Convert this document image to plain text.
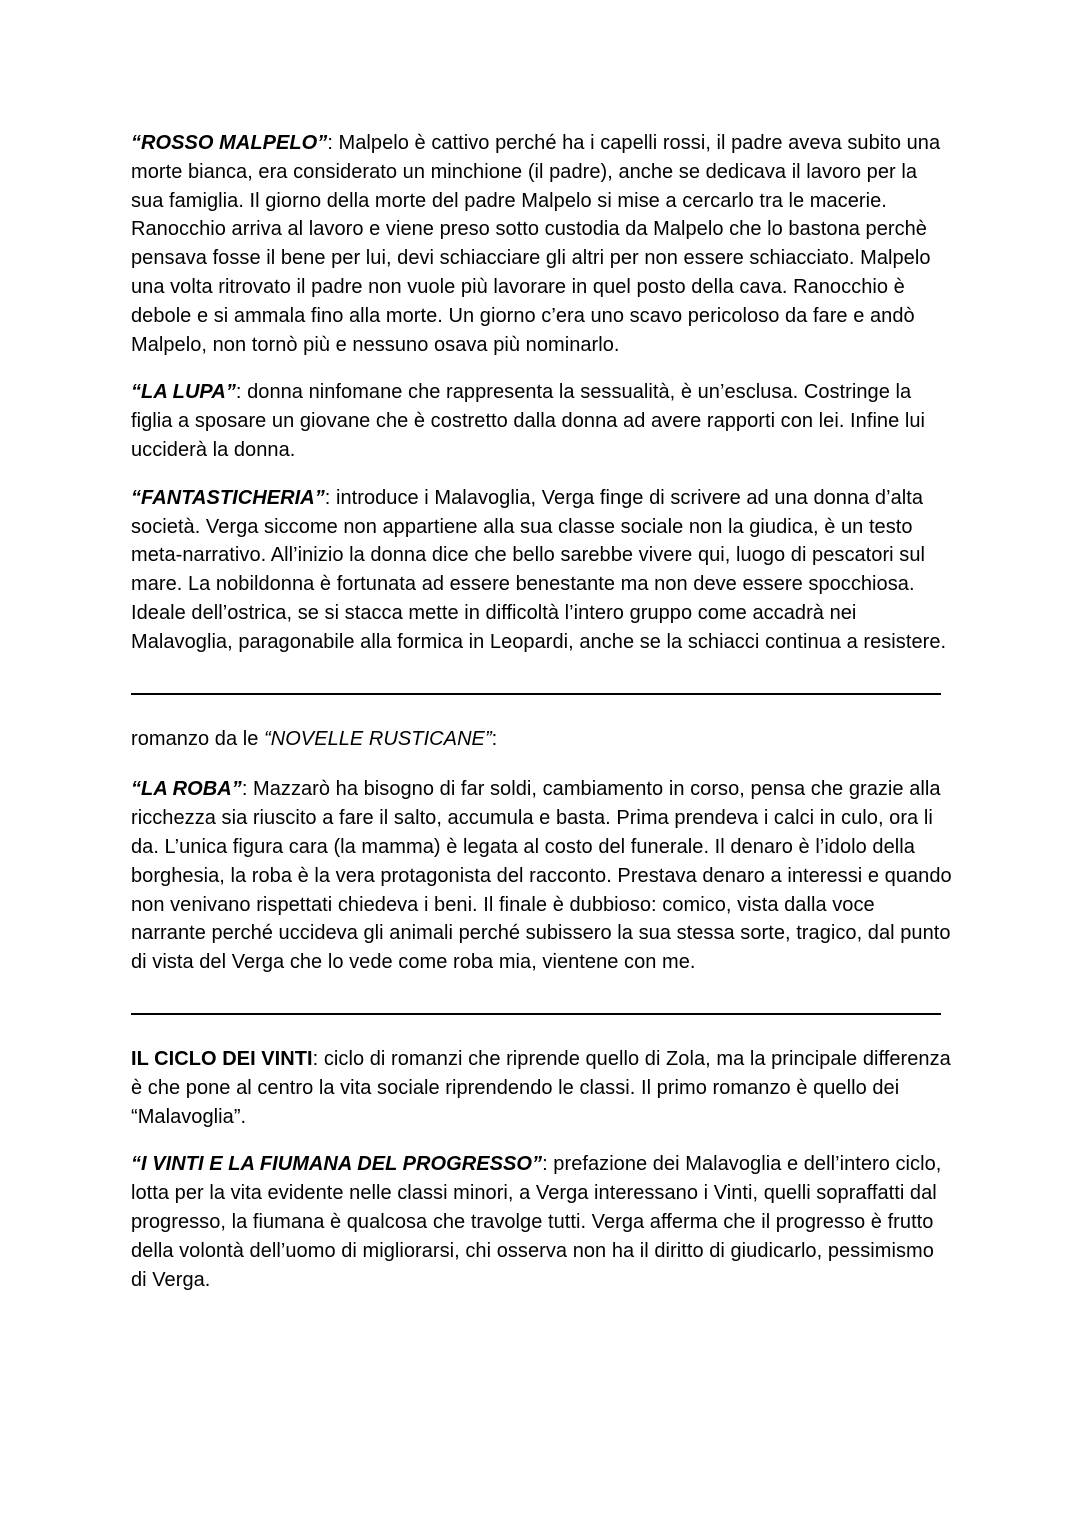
“ROSSO MALPELO”: Malpelo è cattivo perché ha i capelli rossi, il padre aveva subito una morte bianca, era considerato un minchione (il padre), anche se dedicava il lavoro per la sua famiglia. Il giorno della morte del padre Malpelo si mise a cercarlo tra le macerie. Ranocchio arriva al lavoro e viene preso sotto custodia da Malpelo che lo bastona perchè pensava fosse il bene per lui, devi schiacciare gli altri per non essere schiacciato. Malpelo una volta ritrovato il padre non vuole più lavorare in quel posto della cava. Ranocchio è debole e si ammala fino alla morte. Un giorno c’era uno scavo pericoloso da fare e andò Malpelo, non tornò più e nessuno osava più nominarlo.

“LA LUPA”: donna ninfomane che rappresenta la sessualità, è un’esclusa. Costringe la figlia a sposare un giovane che è costretto dalla donna ad avere rapporti con lei. Infine lui ucciderà la donna.

“FANTASTICHERIA”: introduce i Malavoglia, Verga finge di scrivere ad una donna d’alta società. Verga siccome non appartiene alla sua classe sociale non la giudica, è un testo meta-narrativo. All’inizio la donna dice che bello sarebbe vivere qui, luogo di pescatori sul mare. La nobildonna è fortunata ad essere benestante ma non deve essere spocchiosa. Ideale dell’ostrica, se si stacca mette in difficoltà l’intero gruppo come accadrà nei Malavoglia, paragonabile alla formica in Leopardi, anche se la schiacci continua a resistere.

romanzo da le “NOVELLE RUSTICANE”:

“LA ROBA”: Mazzarò ha bisogno di far soldi, cambiamento in corso, pensa che grazie alla ricchezza sia riuscito a fare il salto, accumula e basta. Prima prendeva i calci in culo, ora li da. L’unica figura cara (la mamma) è legata al costo del funerale. Il denaro è l’idolo della borghesia, la roba è la vera protagonista del racconto. Prestava denaro a interessi e quando non venivano rispettati chiedeva i beni. Il finale è dubbioso: comico, vista dalla voce narrante perché uccideva gli animali perché subissero la sua stessa sorte, tragico, dal punto di vista del Verga che lo vede come roba mia, vientene con me.

IL CICLO DEI VINTI: ciclo di romanzi che riprende quello di Zola, ma la principale differenza è che pone al centro la vita sociale riprendendo le classi. Il primo romanzo è quello dei “Malavoglia”.

“I VINTI E LA FIUMANA DEL PROGRESSO”: prefazione dei Malavoglia e dell’intero ciclo, lotta per la vita evidente nelle classi minori, a Verga interessano i Vinti, quelli sopraffatti dal progresso, la fiumana è qualcosa che travolge tutti. Verga afferma che il progresso è frutto della volontà dell’uomo di migliorarsi, chi osserva non ha il diritto di giudicarlo, pessimismo di Verga.
